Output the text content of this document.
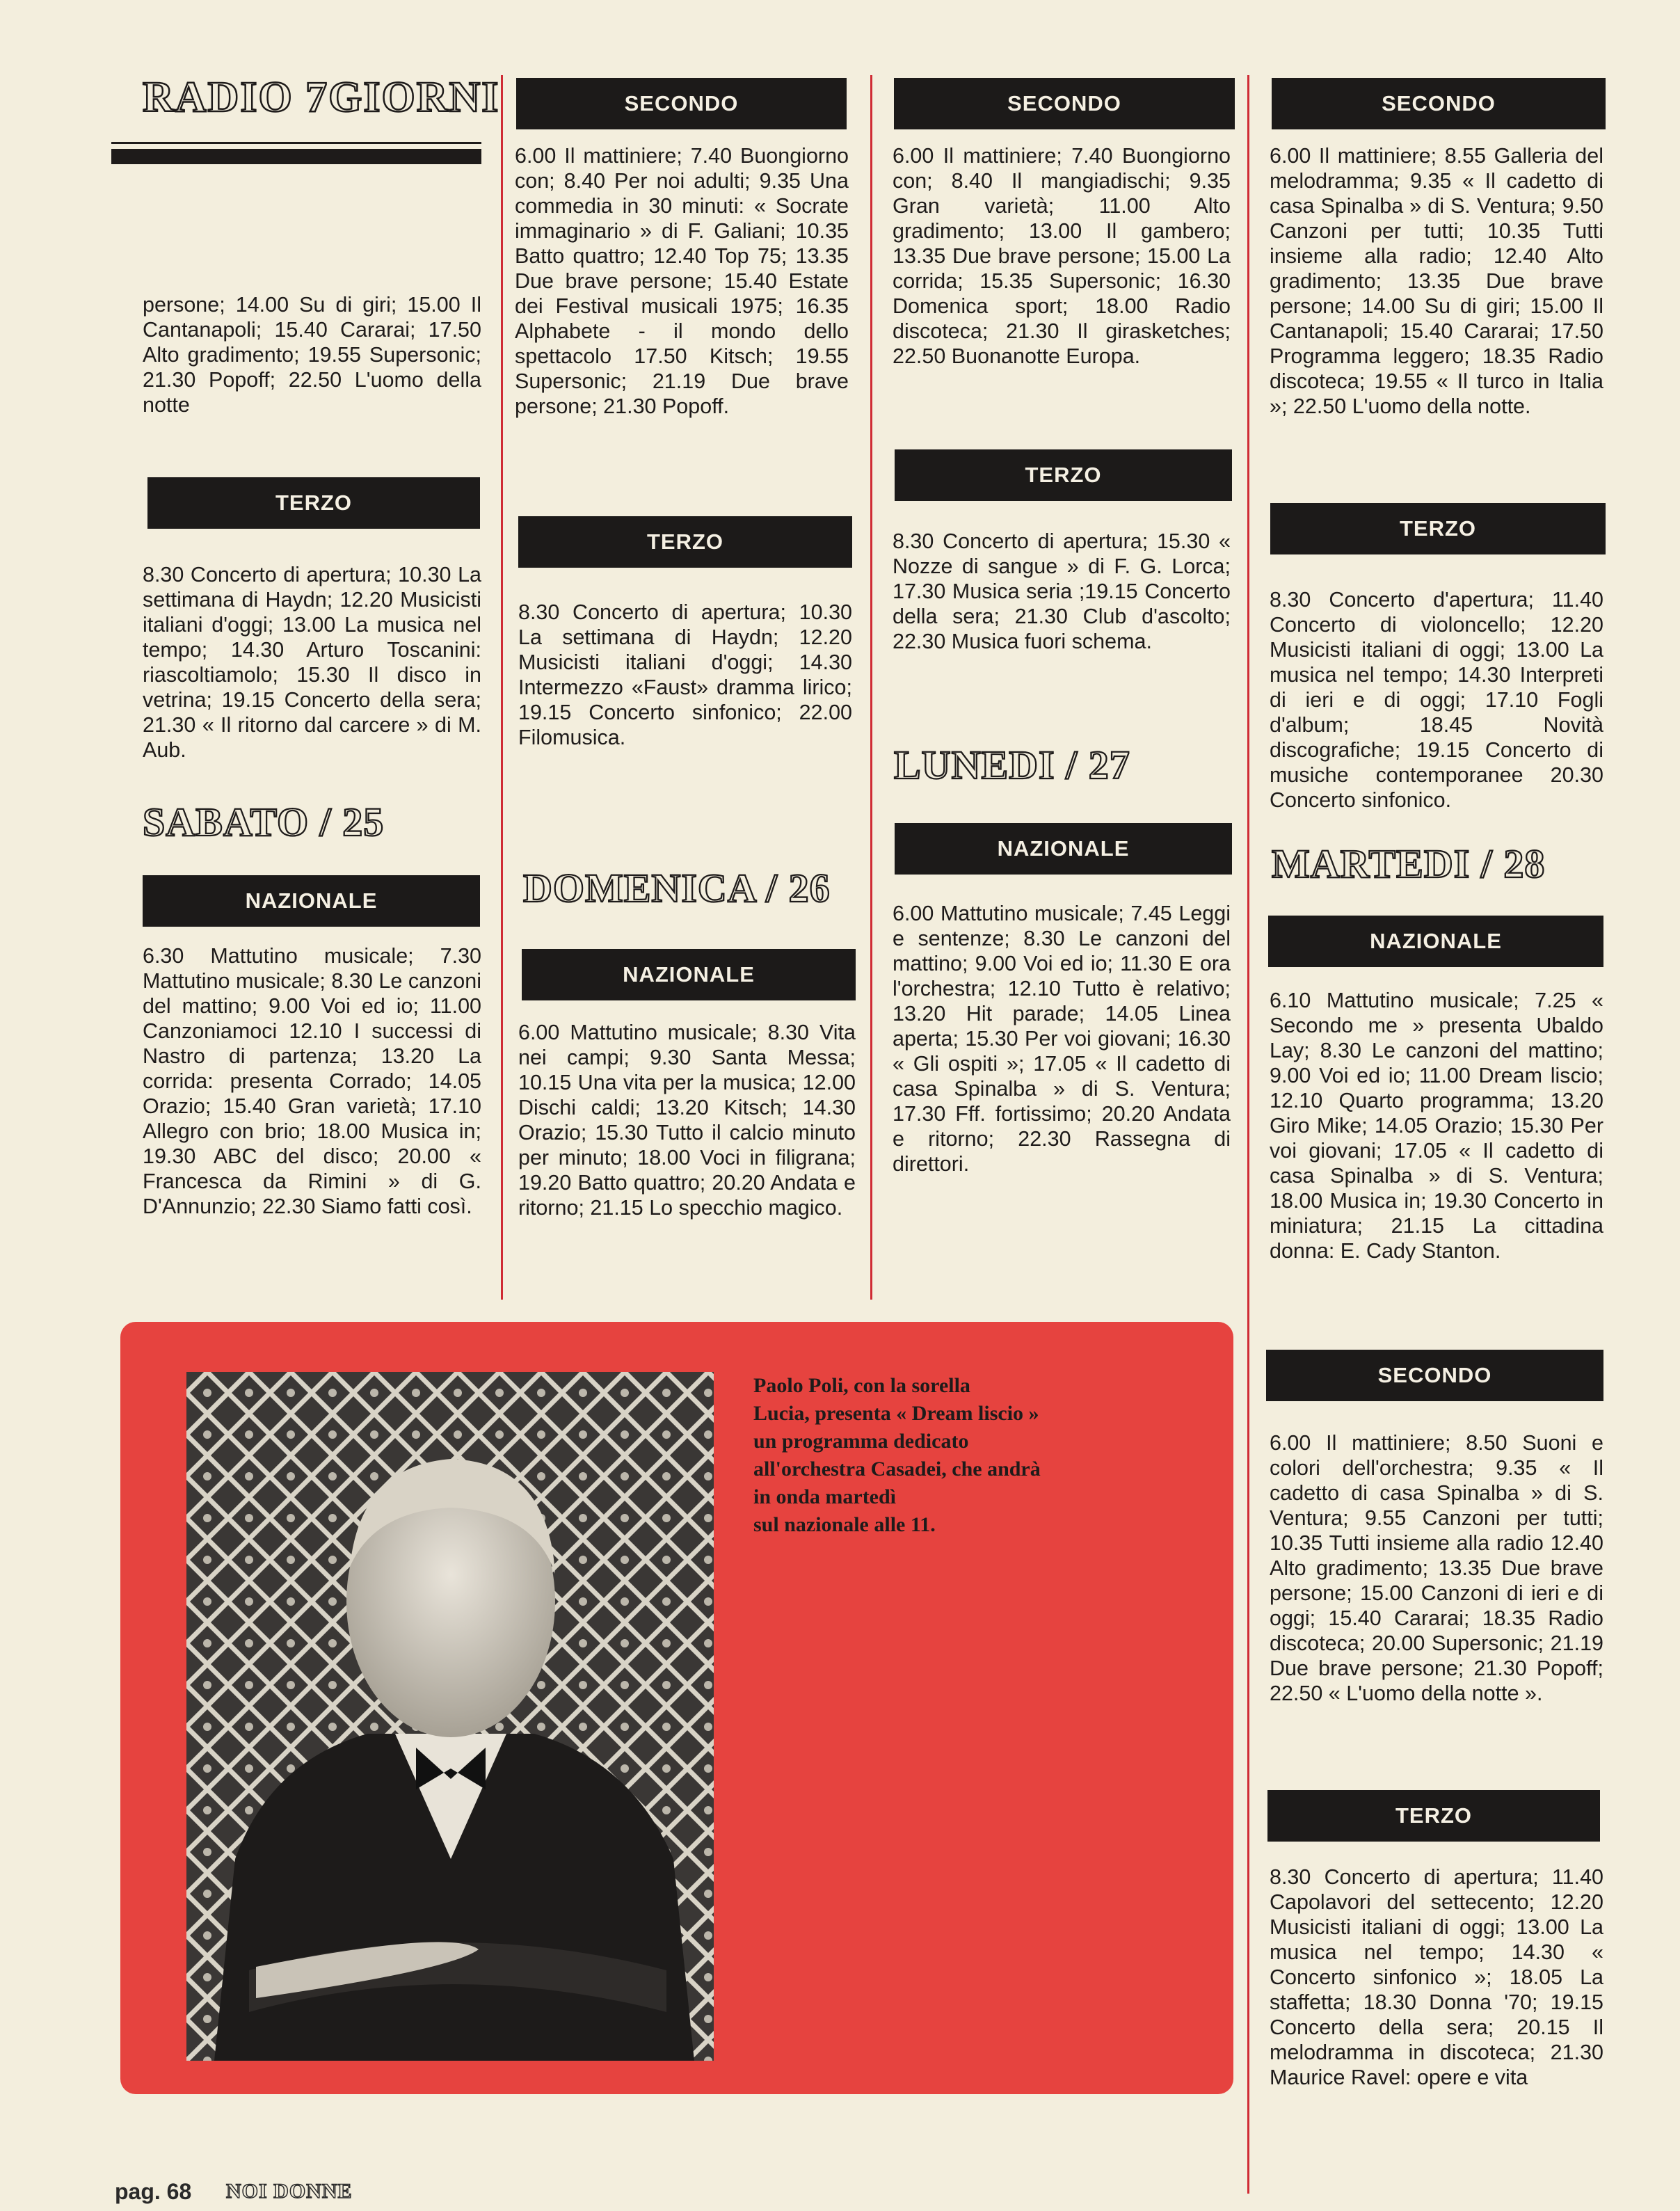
RADIO 7GIORNI

persone; 14.00 Su di giri; 15.00 Il Cantanapoli; 15.40 Cararai; 17.50 Alto gradimento; 19.55 Supersonic; 21.30 Popoff; 22.50 L'uomo della notte

TERZO

8.30 Concerto di apertura; 10.30 La settimana di Haydn; 12.20 Musicisti italiani d'oggi; 13.00 La musica nel tempo; 14.30 Arturo Toscanini: riascoltiamolo; 15.30 Il disco in vetrina; 19.15 Concerto della sera; 21.30 « Il ritorno dal carcere » di M. Aub.

SABATO / 25
NAZIONALE

6.30 Mattutino musicale; 7.30 Mattutino musicale; 8.30 Le canzoni del mattino; 9.00 Voi ed io; 11.00 Canzoniamoci 12.10 I successi di Nastro di partenza; 13.20 La corrida: presenta Corrado; 14.05 Orazio; 15.40 Gran varietà; 17.10 Allegro con brio; 18.00 Musica in; 19.30 ABC del disco; 20.00 « Francesca da Rimini » di G. D'Annunzio; 22.30 Siamo fatti così.

SECONDO

6.00 Il mattiniere; 7.40 Buongiorno con; 8.40 Per noi adulti; 9.35 Una commedia in 30 minuti: « Socrate immaginario » di F. Galiani; 10.35 Batto quattro; 12.40 Top 75; 13.35 Due brave persone; 15.40 Estate dei Festival musicali 1975; 16.35 Alphabete - il mondo dello spettacolo 17.50 Kitsch; 19.55 Supersonic; 21.19 Due brave persone; 21.30 Popoff.

TERZO

8.30 Concerto di apertura; 10.30 La settimana di Haydn; 12.20 Musicisti italiani d'oggi; 14.30 Intermezzo «Faust» dramma lirico; 19.15 Concerto sinfonico; 22.00 Filomusica.

DOMENICA / 26
NAZIONALE

6.00 Mattutino musicale; 8.30 Vita nei campi; 9.30 Santa Messa; 10.15 Una vita per la musica; 12.00 Dischi caldi; 13.20 Kitsch; 14.30 Orazio; 15.30 Tutto il calcio minuto per minuto; 18.00 Voci in filigrana; 19.20 Batto quattro; 20.20 Andata e ritorno; 21.15 Lo specchio magico.

SECONDO

6.00 Il mattiniere; 7.40 Buongiorno con; 8.40 Il mangiadischi; 9.35 Gran varietà; 11.00 Alto gradimento; 13.00 Il gambero; 13.35 Due brave persone; 15.00 La corrida; 15.35 Supersonic; 16.30 Domenica sport; 18.00 Radio discoteca; 21.30 Il girasketches; 22.50 Buonanotte Europa.

TERZO

8.30 Concerto di apertura; 15.30 « Nozze di sangue » di F. G. Lorca; 17.30 Musica seria ;19.15 Concerto della sera; 21.30 Club d'ascolto; 22.30 Musica fuori schema.

LUNEDI / 27
NAZIONALE

6.00 Mattutino musicale; 7.45 Leggi e sentenze; 8.30 Le canzoni del mattino; 9.00 Voi ed io; 11.30 E ora l'orchestra; 12.10 Tutto è relativo; 13.20 Hit parade; 14.05 Linea aperta; 15.30 Per voi giovani; 16.30 « Gli ospiti »; 17.05 « Il cadetto di casa Spinalba » di S. Ventura; 17.30 Fff. fortissimo; 20.20 Andata e ritorno; 22.30 Rassegna di direttori.

SECONDO

6.00 Il mattiniere; 8.55 Galleria del melodramma; 9.35 « Il cadetto di casa Spinalba » di S. Ventura; 9.50 Canzoni per tutti; 10.35 Tutti insieme alla radio; 12.40 Alto gradimento; 13.35 Due brave persone; 14.00 Su di giri; 15.00 Il Cantanapoli; 15.40 Cararai; 17.50 Programma leggero; 18.35 Radio discoteca; 19.55 « Il turco in Italia »; 22.50 L'uomo della notte.

TERZO

8.30 Concerto d'apertura; 11.40 Concerto di violoncello; 12.20 Musicisti italiani di oggi; 13.00 La musica nel tempo; 14.30 Interpreti di ieri e di oggi; 17.10 Fogli d'album; 18.45 Novità discografiche; 19.15 Concerto di musiche contemporanee 20.30 Concerto sinfonico.

MARTEDI / 28
NAZIONALE

6.10 Mattutino musicale; 7.25 « Secondo me » presenta Ubaldo Lay; 8.30 Le canzoni del mattino; 9.00 Voi ed io; 11.00 Dream liscio; 12.10 Quarto programma; 13.20 Giro Mike; 14.05 Orazio; 15.30 Per voi giovani; 17.05 « Il cadetto di casa Spinalba » di S. Ventura; 18.00 Musica in; 19.30 Concerto in miniatura; 21.15 La cittadina donna: E. Cady Stanton.

SECONDO

6.00 Il mattiniere; 8.50 Suoni e colori dell'orchestra; 9.35 « Il cadetto di casa Spinalba » di S. Ventura; 9.55 Canzoni per tutti; 10.35 Tutti insieme alla radio 12.40 Alto gradimento; 13.35 Due brave persone; 15.00 Canzoni di ieri e di oggi; 15.40 Cararai; 18.35 Radio discoteca; 20.00 Supersonic; 21.19 Due brave persone; 21.30 Popoff; 22.50 « L'uomo della notte ».

TERZO

8.30 Concerto di apertura; 11.40 Capolavori del settecento; 12.20 Musicisti italiani di oggi; 13.00 La musica nel tempo; 14.30 « Concerto sinfonico »; 18.05 La staffetta; 18.30 Donna '70; 19.15 Concerto della sera; 20.15 Il melodramma in discoteca; 21.30 Maurice Ravel: opere e vita

Paolo Poli, con la sorella
Lucia, presenta « Dream liscio »
un programma dedicato
all'orchestra Casadei, che andrà
in onda martedì
sul nazionale alle 11.
pag. 68 NOI DONNE
